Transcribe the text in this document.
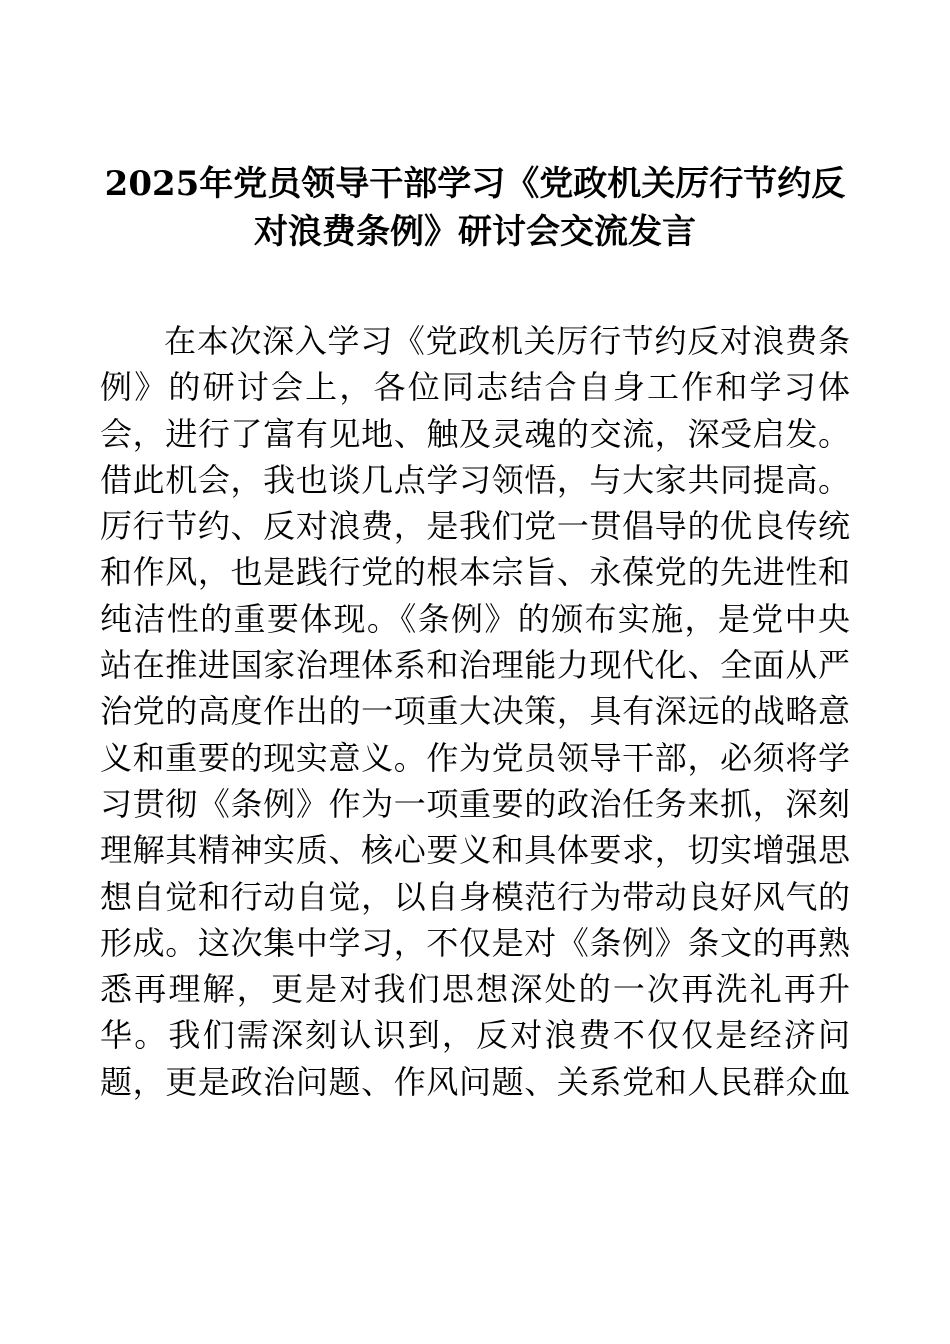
2025年党员领导干部学习《党政机关厉行节约反
对浪费条例》研讨会交流发言
在本次深入学习《党政机关厉行节约反对浪费条
例》的研讨会上，各位同志结合自身工作和学习体
会，进行了富有见地、触及灵魂的交流，深受启发。
借此机会，我也谈几点学习领悟，与大家共同提高。
厉行节约、反对浪费，是我们党一贯倡导的优良传统
和作风，也是践行党的根本宗旨、永葆党的先进性和
纯洁性的重要体现。《条例》的颁布实施，是党中央
站在推进国家治理体系和治理能力现代化、全面从严
治党的高度作出的一项重大决策，具有深远的战略意
义和重要的现实意义。作为党员领导干部，必须将学
习贯彻《条例》作为一项重要的政治任务来抓，深刻
理解其精神实质、核心要义和具体要求，切实增强思
想自觉和行动自觉，以自身模范行为带动良好风气的
形成。这次集中学习，不仅是对《条例》条文的再熟
悉再理解，更是对我们思想深处的一次再洗礼再升
华。我们需深刻认识到，反对浪费不仅仅是经济问
题，更是政治问题、作风问题、关系党和人民群众血
